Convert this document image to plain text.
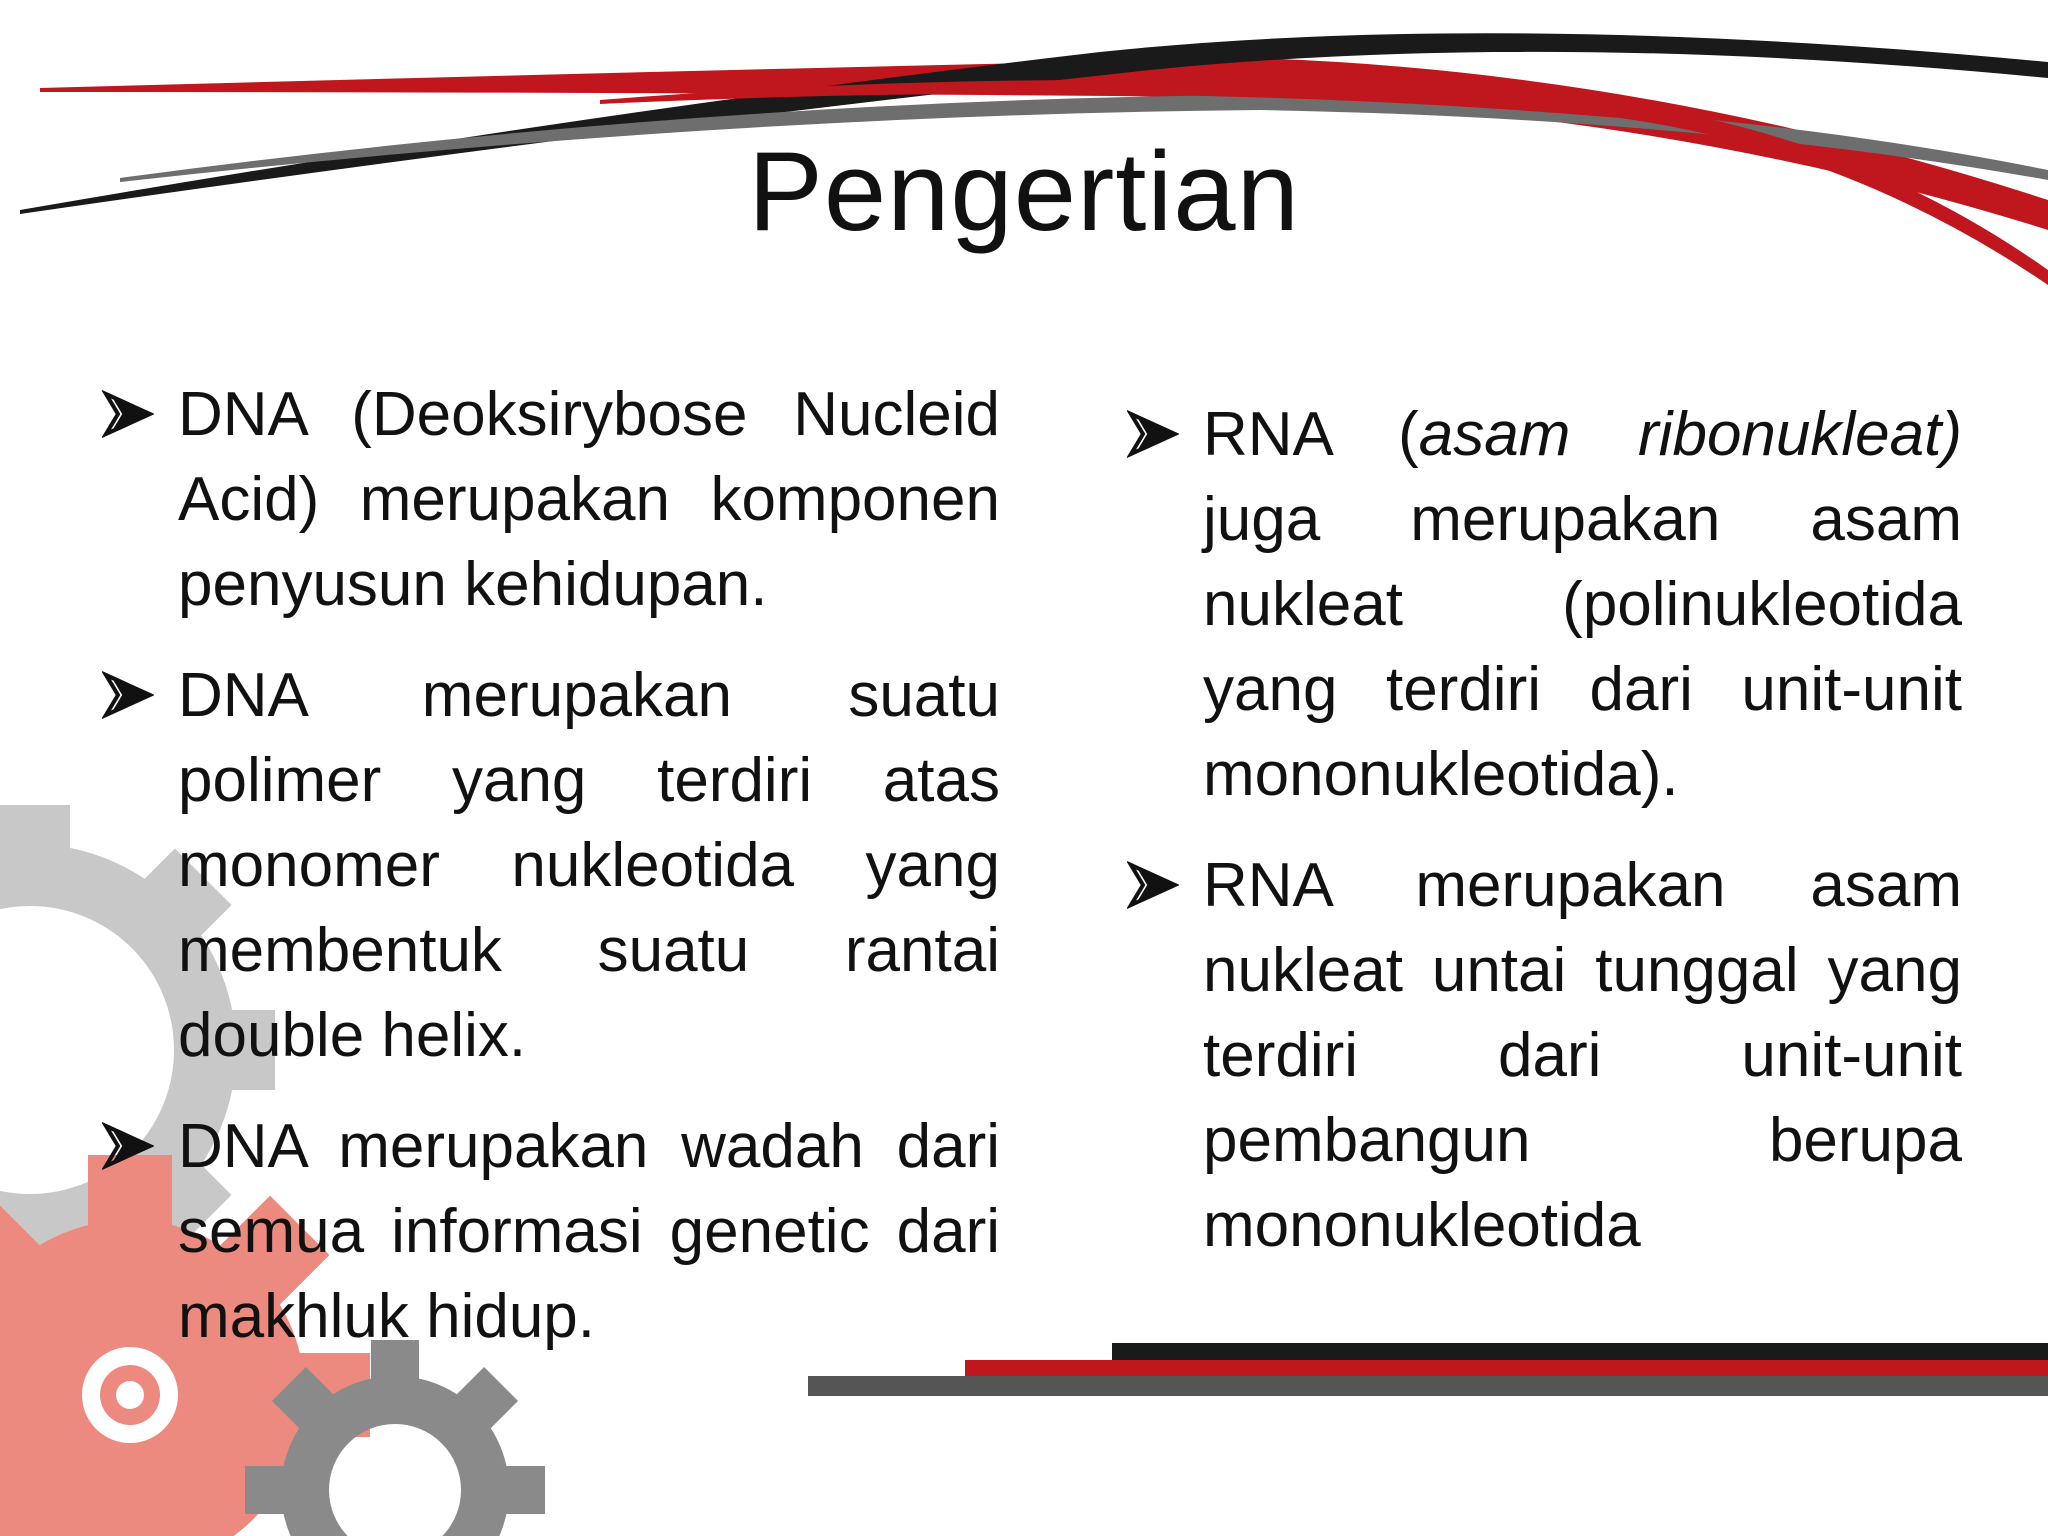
Pengertian
DNA (Deoksirybose Nucleid Acid) merupakan komponen penyusun kehidupan.
DNA merupakan suatu polimer yang terdiri atas monomer nukleotida yang membentuk suatu rantai double helix.
DNA merupakan wadah dari semua informasi genetic dari makhluk hidup.
RNA (asam ribonukleat) juga merupakan asam nukleat (polinukleotida yang terdiri dari unit-unit mononukleotida).
RNA merupakan asam nukleat untai tunggal yang terdiri dari unit-unit pembangun berupa mononukleotida
